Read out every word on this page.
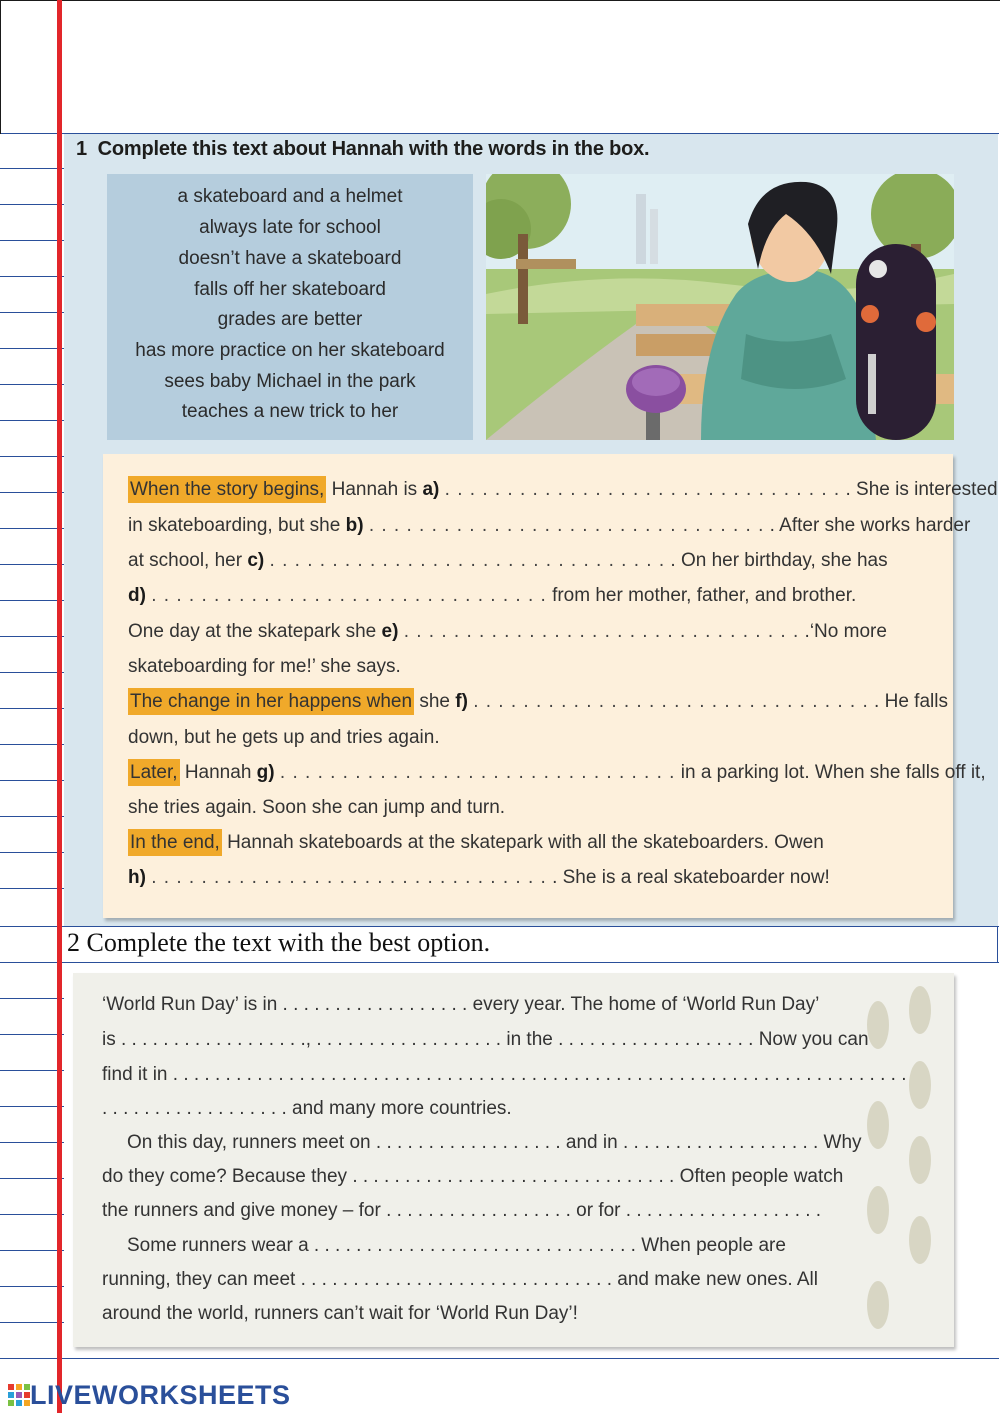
1 Complete this text about Hannah with the words in the box.
a skateboard and a helmet
always late for school
doesn’t have a skateboard
falls off her skateboard
grades are better
has more practice on her skateboard
sees baby Michael in the park
teaches a new trick to her
When the story begins, Hannah is a) . . . . . . . . . . . . . . . . . . . . . . . . . . . . . . . . . She is interested
in skateboarding, but she b) . . . . . . . . . . . . . . . . . . . . . . . . . . . . . . . . . After she works harder
at school, her c) . . . . . . . . . . . . . . . . . . . . . . . . . . . . . . . . . On her birthday, she has
d) . . . . . . . . . . . . . . . . . . . . . . . . . . . . . . . . from her mother, father, and brother.
One day at the skatepark she e) . . . . . . . . . . . . . . . . . . . . . . . . . . . . . . . . .‘No more
skateboarding for me!’ she says.
The change in her happens when she f) . . . . . . . . . . . . . . . . . . . . . . . . . . . . . . . . . He falls
down, but he gets up and tries again.
Later, Hannah g) . . . . . . . . . . . . . . . . . . . . . . . . . . . . . . . . in a parking lot. When she falls off it,
she tries again. Soon she can jump and turn.
In the end, Hannah skateboards at the skatepark with all the skateboarders. Owen
h) . . . . . . . . . . . . . . . . . . . . . . . . . . . . . . . . . She is a real skateboarder now!
2 Complete the text with the best option.
‘World Run Day’ is in . . . . . . . . . . . . . . . . . . every year. The home of ‘World Run Day’
is . . . . . . . . . . . . . . . . . ., . . . . . . . . . . . . . . . . . . in the . . . . . . . . . . . . . . . . . . . Now you can
find it in . . . . . . . . . . . . . . . . . . . . . . . . . . . . . . . . . . . . . . . . . . . . . . . . . . . . . . . . . . . . . . . . . . . . . .
. . . . . . . . . . . . . . . . . . and many more countries.
On this day, runners meet on . . . . . . . . . . . . . . . . . . and in . . . . . . . . . . . . . . . . . . . Why
do they come? Because they . . . . . . . . . . . . . . . . . . . . . . . . . . . . . . . Often people watch
the runners and give money – for . . . . . . . . . . . . . . . . . . or for . . . . . . . . . . . . . . . . . . .
Some runners wear a . . . . . . . . . . . . . . . . . . . . . . . . . . . . . . . When people are
running, they can meet . . . . . . . . . . . . . . . . . . . . . . . . . . . . . . and make new ones. All
around the world, runners can’t wait for ‘World Run Day’!
LIVEWORKSHEETS
